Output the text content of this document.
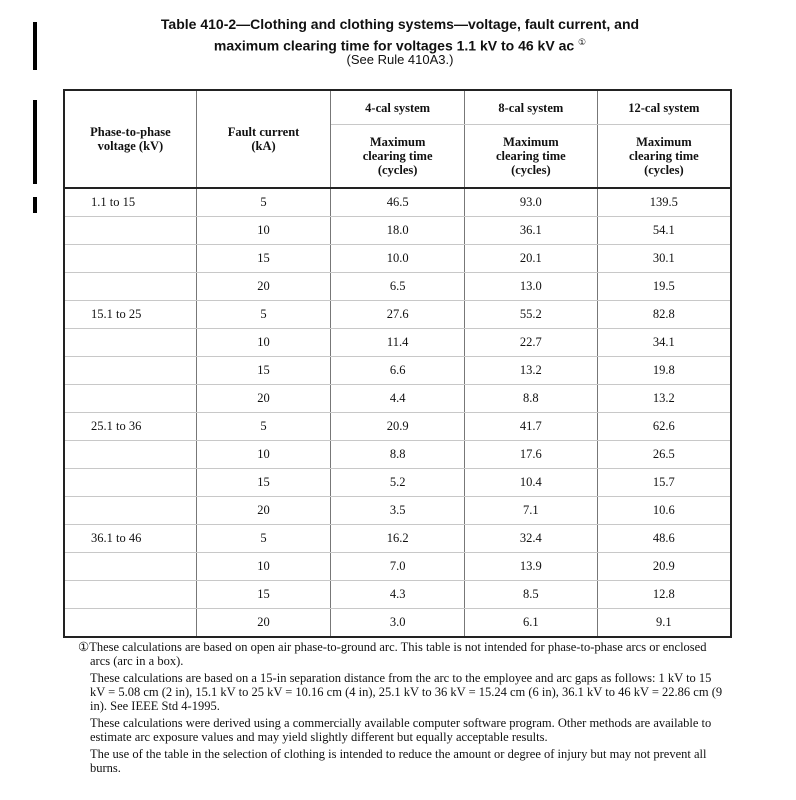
Table 410-2—Clothing and clothing systems—voltage, fault current, and
maximum clearing time for voltages 1.1 kV to 46 kV ac ①
(See Rule 410A3.)
Phase-to-phase voltage (kV)	Fault current (kA)	4-cal system	8-cal system	12-cal system
		Maximum clearing time (cycles)	Maximum clearing time (cycles)	Maximum clearing time (cycles)
1.1 to 15	5	46.5	93.0	139.5
	10	18.0	36.1	54.1
	15	10.0	20.1	30.1
	20	6.5	13.0	19.5
15.1 to 25	5	27.6	55.2	82.8
	10	11.4	22.7	34.1
	15	6.6	13.2	19.8
	20	4.4	8.8	13.2
25.1 to 36	5	20.9	41.7	62.6
	10	8.8	17.6	26.5
	15	5.2	10.4	15.7
	20	3.5	7.1	10.6
36.1 to 46	5	16.2	32.4	48.6
	10	7.0	13.9	20.9
	15	4.3	8.5	12.8
	20	3.0	6.1	9.1

①These calculations are based on open air phase-to-ground arc. This table is not intended for phase-to-phase arcs or enclosed arcs (arc in a box).

These calculations are based on a 15-in separation distance from the arc to the employee and arc gaps as follows: 1 kV to 15 kV = 5.08 cm (2 in), 15.1 kV to 25 kV = 10.16 cm (4 in), 25.1 kV to 36 kV = 15.24 cm (6 in), 36.1 kV to 46 kV = 22.86 cm (9 in). See IEEE Std 4-1995.

These calculations were derived using a commercially available computer software program. Other methods are available to estimate arc exposure values and may yield slightly different but equally acceptable results.

The use of the table in the selection of clothing is intended to reduce the amount or degree of injury but may not prevent all burns.
